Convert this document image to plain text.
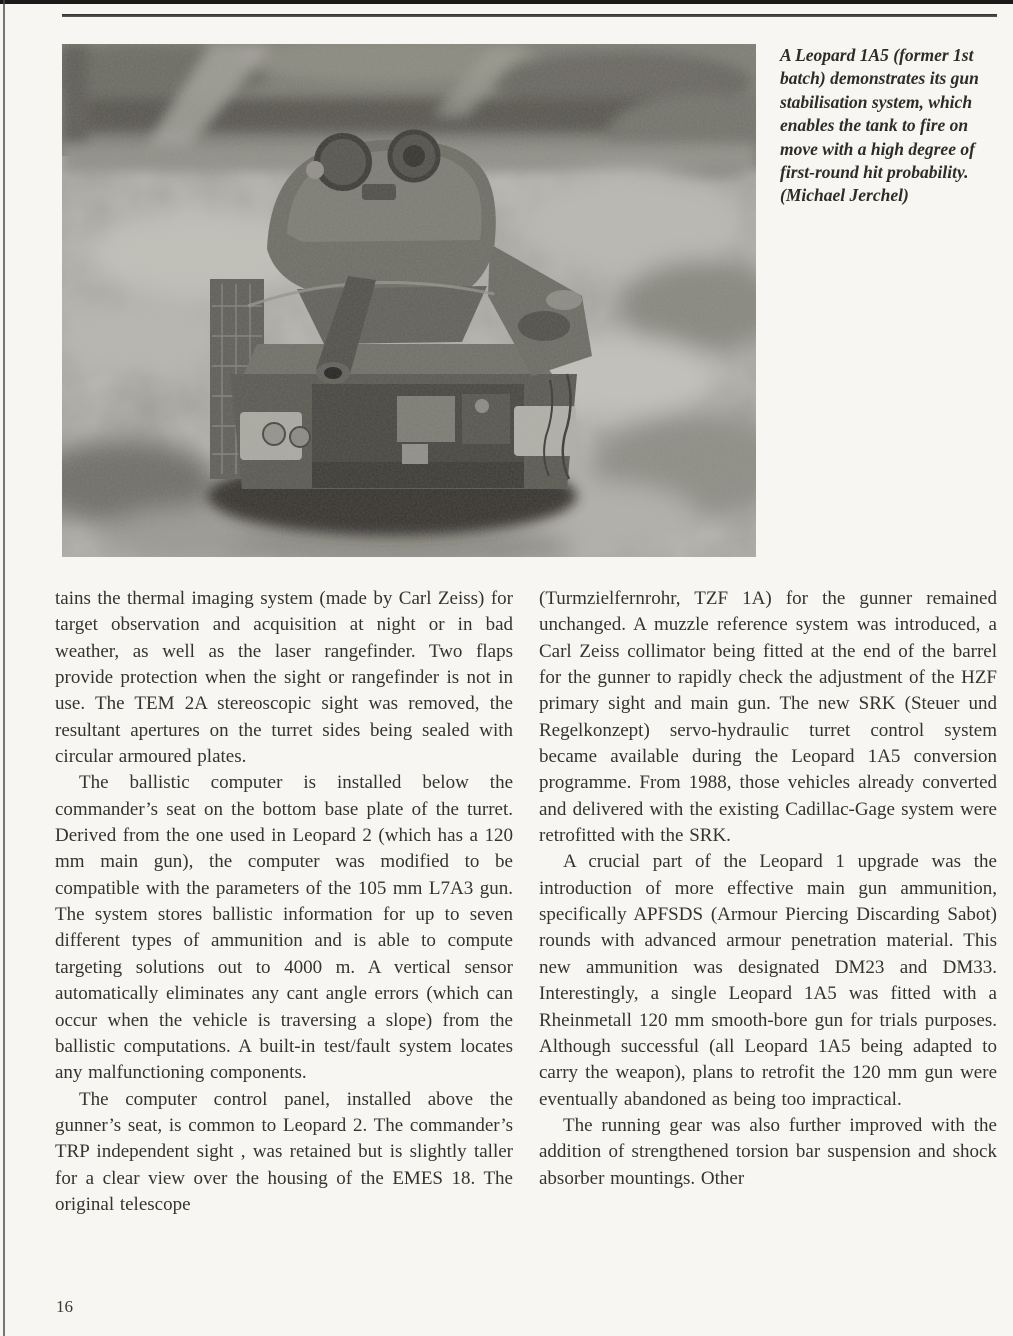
A Leopard 1A5 (former 1st batch) demonstrates its gun stabilisation system, which enables the tank to fire on move with a high degree of first-round hit probability. (Michael Jerchel)

tains the thermal imaging system (made by Carl Zeiss) for target observation and acquisition at night or in bad weather, as well as the laser rangefinder. Two flaps provide protection when the sight or rangefinder is not in use. The TEM 2A stereoscopic sight was removed, the resultant apertures on the turret sides being sealed with circular armoured plates.

The ballistic computer is installed below the commander’s seat on the bottom base plate of the turret. Derived from the one used in Leopard 2 (which has a 120 mm main gun), the computer was modified to be compatible with the parameters of the 105 mm L7A3 gun. The system stores ballistic information for up to seven different types of ammunition and is able to compute targeting solutions out to 4000 m. A vertical sensor automatically eliminates any cant angle errors (which can occur when the vehicle is traversing a slope) from the ballistic computations. A built-in test/fault system locates any malfunctioning components.

The computer control panel, installed above the gunner’s seat, is common to Leopard 2. The commander’s TRP independent sight , was retained but is slightly taller for a clear view over the housing of the EMES 18. The original telescope

(Turmzielfernrohr, TZF 1A) for the gunner remained unchanged. A muzzle reference system was introduced, a Carl Zeiss collimator being fitted at the end of the barrel for the gunner to rapidly check the adjustment of the HZF primary sight and main gun. The new SRK (Steuer und Regelkonzept) servo-hydraulic turret control system became available during the Leopard 1A5 conversion programme. From 1988, those vehicles already converted and delivered with the existing Cadillac-Gage system were retrofitted with the SRK.

A crucial part of the Leopard 1 upgrade was the introduction of more effective main gun ammunition, specifically APFSDS (Armour Piercing Discarding Sabot) rounds with advanced armour penetration material. This new ammunition was designated DM23 and DM33. Interestingly, a single Leopard 1A5 was fitted with a Rheinmetall 120 mm smooth-bore gun for trials purposes. Although successful (all Leopard 1A5 being adapted to carry the weapon), plans to retrofit the 120 mm gun were eventually abandoned as being too impractical.

The running gear was also further improved with the addition of strengthened torsion bar suspension and shock absorber mountings. Other

16
